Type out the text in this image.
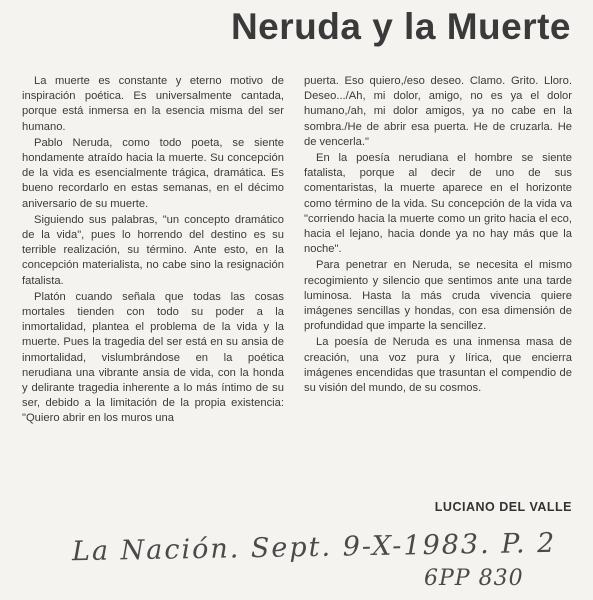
Neruda y la Muerte

La muerte es constante y eterno motivo de inspiración poética. Es universalmente cantada, porque está inmersa en la esencia misma del ser humano.

Pablo Neruda, como todo poeta, se siente hondamente atraído hacia la muerte. Su concepción de la vida es esencialmente trágica, dramática. Es bueno recordarlo en estas semanas, en el décimo aniversario de su muerte.

Siguiendo sus palabras, "un concepto dramático de la vida", pues lo horrendo del destino es su terrible realización, su término. Ante esto, en la concepción materialista, no cabe sino la resignación fatalista.

Platón cuando señala que todas las cosas mortales tienden con todo su poder a la inmortalidad, plantea el problema de la vida y la muerte. Pues la tragedia del ser está en su ansia de inmortalidad, vislumbrándose en la poética nerudiana una vibrante ansia de vida, con la honda y delirante tragedia inherente a lo más íntimo de su ser, debido a la limitación de la propia existencia: "Quiero abrir en los muros una

puerta. Eso quiero,/eso deseo. Clamo. Grito. Lloro. Deseo.../Ah, mi dolor, amigo, no es ya el dolor humano,/ah, mi dolor amigos, ya no cabe en la sombra./He de abrir esa puerta. He de cruzarla. He de vencerla."

En la poesía nerudiana el hombre se siente fatalista, porque al decir de uno de sus comentaristas, la muerte aparece en el horizonte como término de la vida. Su concepción de la vida va "corriendo hacia la muerte como un grito hacia el eco, hacia el lejano, hacia donde ya no hay más que la noche".

Para penetrar en Neruda, se necesita el mismo recogimiento y silencio que sentimos ante una tarde luminosa. Hasta la más cruda vivencia quiere imágenes sencillas y hondas, con esa dimensión de profundidad que imparte la sencillez.

La poesía de Neruda es una inmensa masa de creación, una voz pura y lírica, que encierra imágenes encendidas que trasuntan el compendio de su visión del mundo, de su cosmos.

LUCIANO DEL VALLE
La Nación. Sept. 9-X-1983. P. 2
6PP 830
